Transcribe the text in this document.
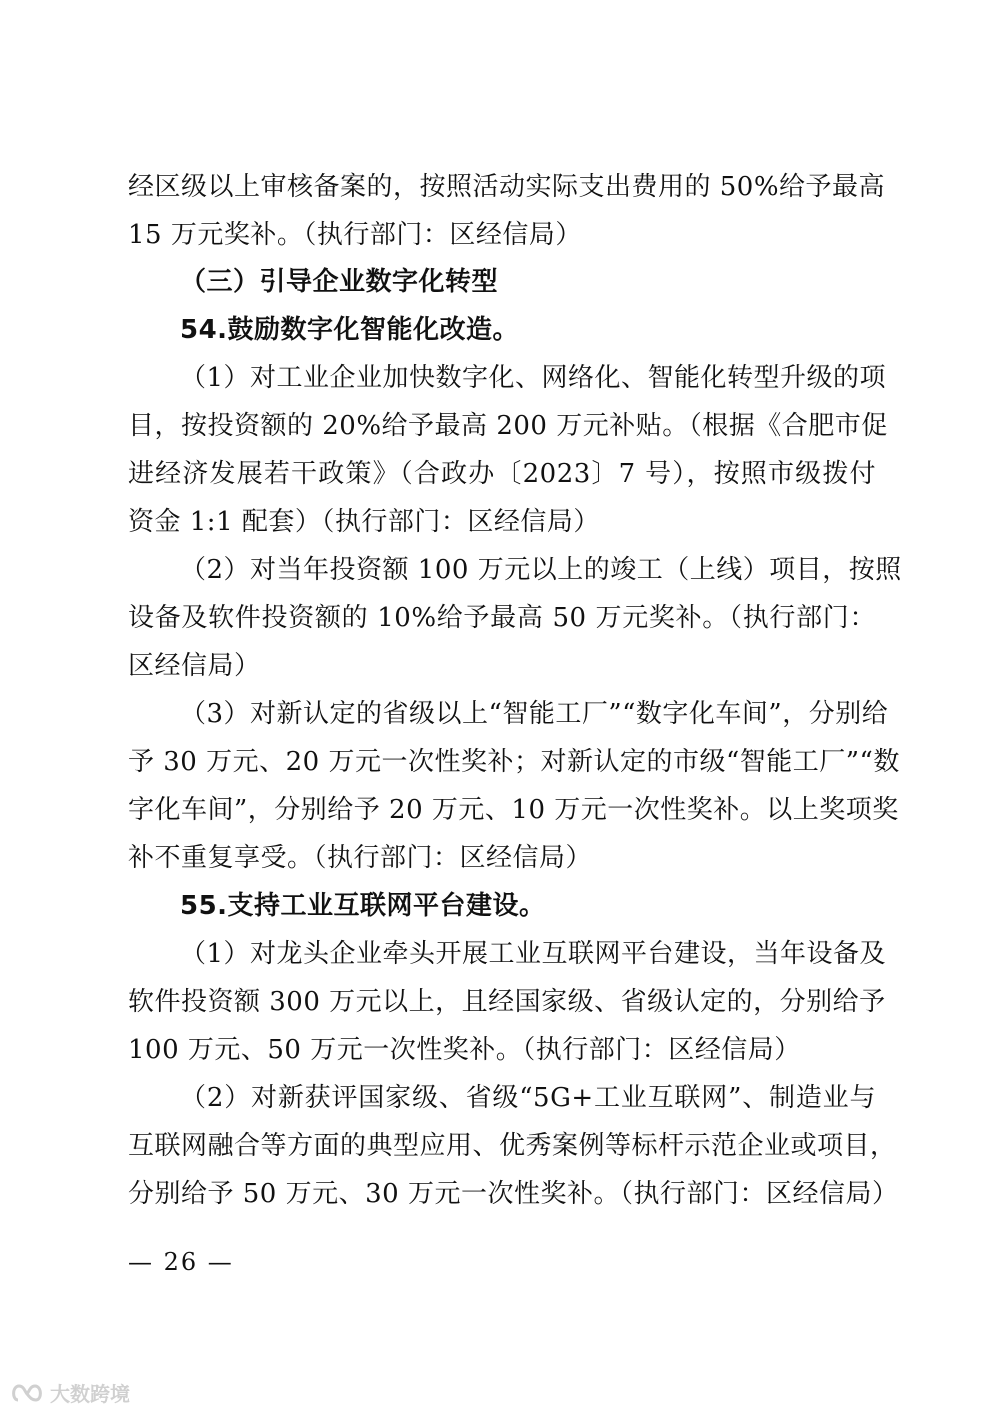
经区级以上审核备案的，按照活动实际支出费用的 50%给予最高
15 万元奖补。（执行部门：区经信局）
（三）引导企业数字化转型
54.鼓励数字化智能化改造。
（1）对工业企业加快数字化、网络化、智能化转型升级的项
目，按投资额的 20%给予最高 200 万元补贴。（根据《合肥市促
进经济发展若干政策》（合政办〔2023〕7 号），按照市级拨付
资金 1:1 配套）（执行部门：区经信局）
（2）对当年投资额 100 万元以上的竣工（上线）项目，按照
设备及软件投资额的 10%给予最高 50 万元奖补。（执行部门：
区经信局）
（3）对新认定的省级以上“智能工厂”“数字化车间”，分别给
予 30 万元、20 万元一次性奖补；对新认定的市级“智能工厂”“数
字化车间”，分别给予 20 万元、10 万元一次性奖补。以上奖项奖
补不重复享受。（执行部门：区经信局）
55.支持工业互联网平台建设。
（1）对龙头企业牵头开展工业互联网平台建设，当年设备及
软件投资额 300 万元以上，且经国家级、省级认定的，分别给予
100 万元、50 万元一次性奖补。（执行部门：区经信局）
（2）对新获评国家级、省级“5G+工业互联网”、制造业与
互联网融合等方面的典型应用、优秀案例等标杆示范企业或项目，
分别给予 50 万元、30 万元一次性奖补。（执行部门：区经信局）
— 26 —
大数跨境
